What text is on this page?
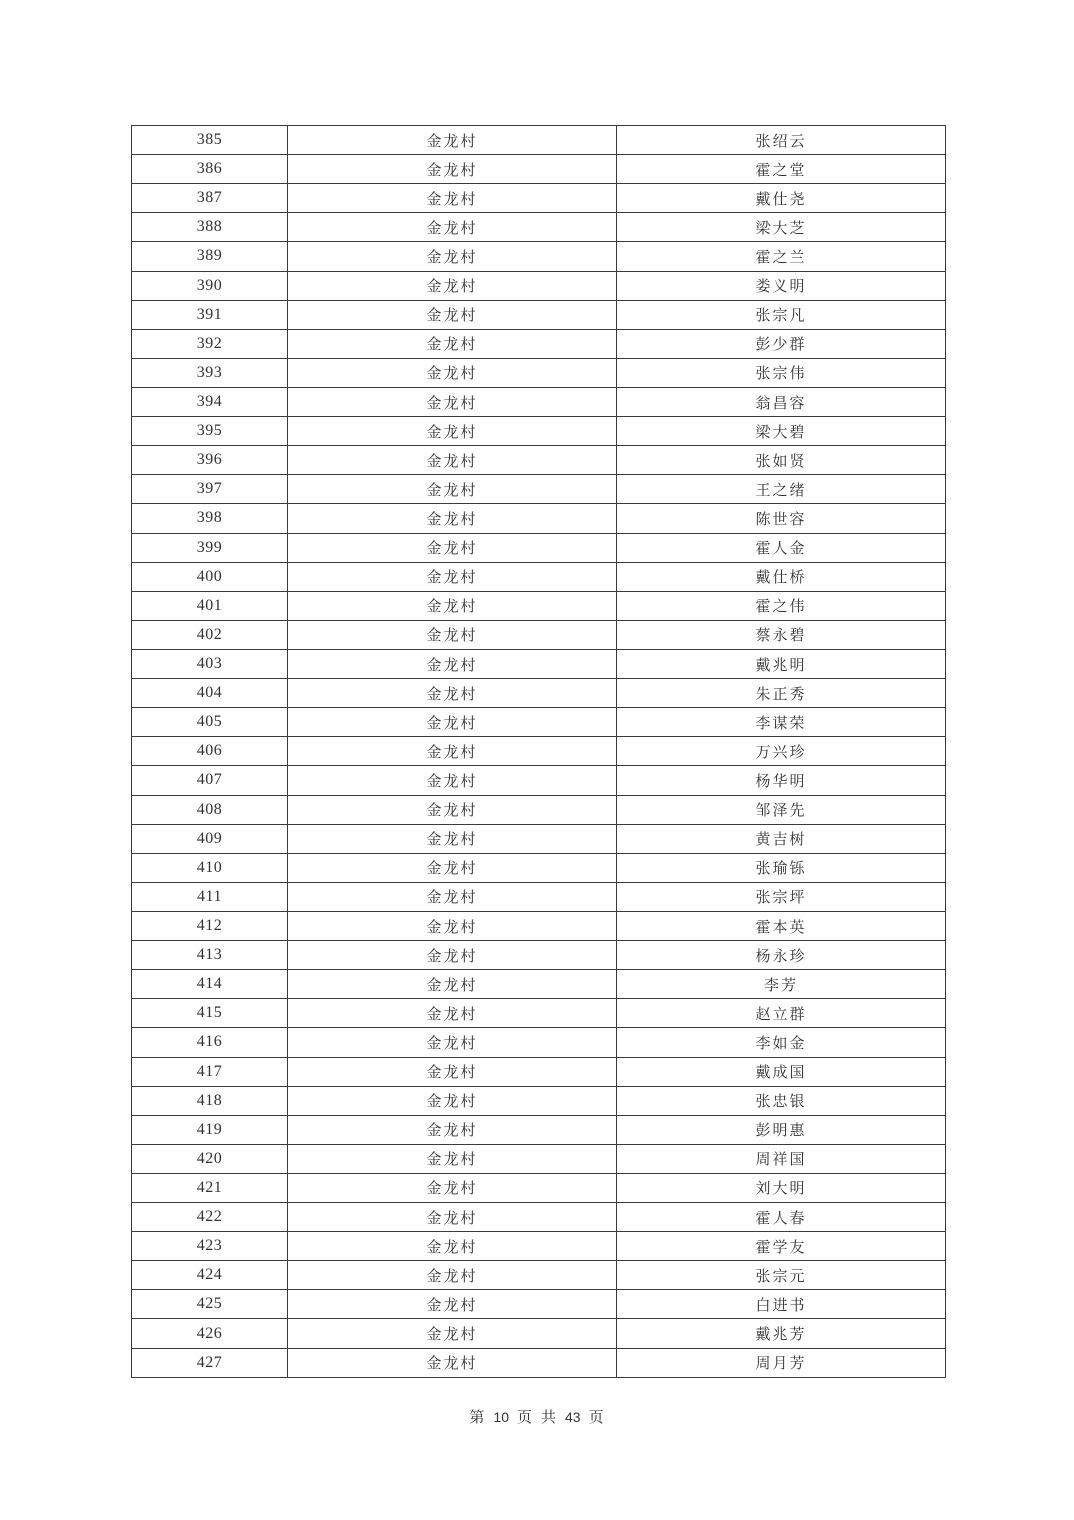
385	金龙村	张绍云
386	金龙村	霍之堂
387	金龙村	戴仕尧
388	金龙村	梁大芝
389	金龙村	霍之兰
390	金龙村	娄义明
391	金龙村	张宗凡
392	金龙村	彭少群
393	金龙村	张宗伟
394	金龙村	翁昌容
395	金龙村	梁大碧
396	金龙村	张如贤
397	金龙村	王之绪
398	金龙村	陈世容
399	金龙村	霍人金
400	金龙村	戴仕桥
401	金龙村	霍之伟
402	金龙村	蔡永碧
403	金龙村	戴兆明
404	金龙村	朱正秀
405	金龙村	李谋荣
406	金龙村	万兴珍
407	金龙村	杨华明
408	金龙村	邹泽先
409	金龙村	黄吉树
410	金龙村	张瑜铄
411	金龙村	张宗坪
412	金龙村	霍本英
413	金龙村	杨永珍
414	金龙村	李芳
415	金龙村	赵立群
416	金龙村	李如金
417	金龙村	戴成国
418	金龙村	张忠银
419	金龙村	彭明惠
420	金龙村	周祥国
421	金龙村	刘大明
422	金龙村	霍人春
423	金龙村	霍学友
424	金龙村	张宗元
425	金龙村	白进书
426	金龙村	戴兆芳
427	金龙村	周月芳
第 10 页 共 43 页
